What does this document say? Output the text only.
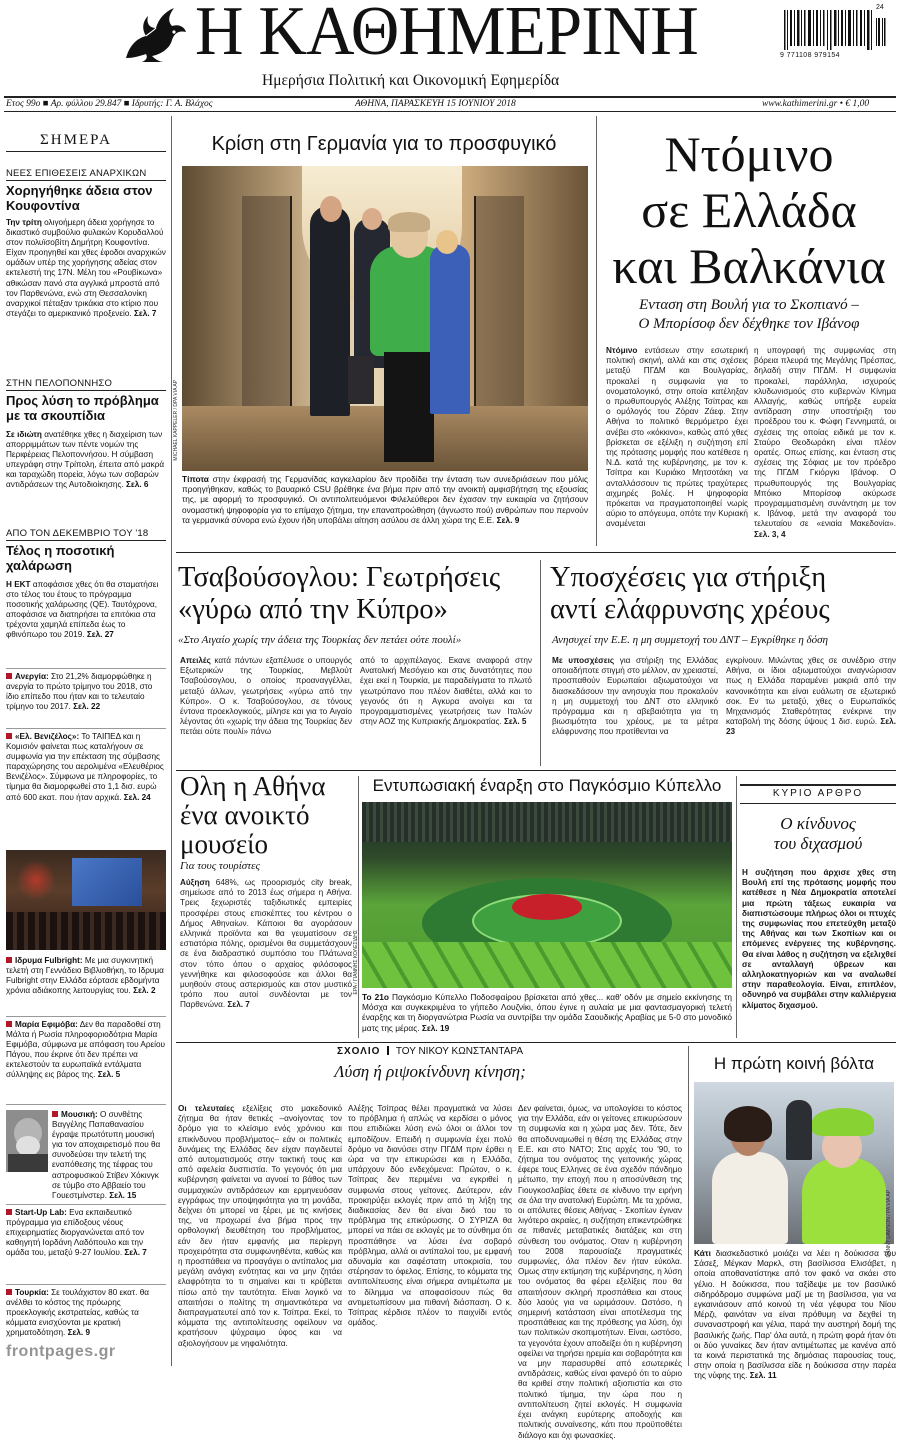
Η ΚΑΘΗΜΕΡΙΝΗ
Ημερήσια Πολιτική και Οικονομική Εφημερίδα
24
9 771108 979154
Ετος 99ο ■ Αρ. φύλλου 29.847 ■ Ιδρυτής: Γ. Α. Βλάχος	ΑΘΗΝΑ, ΠΑΡΑΣΚΕΥΗ 15 ΙΟΥΝΙΟΥ 2018	www.kathimerini.gr • € 1,00
ΣΗΜΕΡΑ
ΝΕΕΣ ΕΠΙΘΕΣΕΙΣ ΑΝΑΡΧΙΚΩΝ
Χορηγήθηκε άδεια στον Κουφοντίνα
Την τρίτη ολιγοήμερη άδεια χορήγησε το δικαστικό συμβούλιο φυλακών Κορυδαλλού στον πολυϊσοβίτη Δημήτρη Κουφοντίνα. Είχαν προηγηθεί και χθες έφοδοι αναρχικών ομάδων υπέρ της χορήγησης αδείας στον εκτελεστή της 17Ν. Μέλη του «Ρουβίκωνα» αθικώσαν πανό στα αγγλικά μπροστά από τον Παρθενώνα, ενώ στη Θεσσαλονίκη αναρχικοί πέταξαν τρικάκια στο κτίριο που στεγάζει το αμερικανικό προξενείο. Σελ. 7
ΣΤΗΝ ΠΕΛΟΠΟΝΝΗΣΟ
Προς λύση το πρόβλημα με τα σκουπίδια
Σε ιδιώτη ανατέθηκε χθες η διαχείριση των απορριμμάτων των πέντε νομών της Περιφέρειας Πελοποννήσου. Η σύμβαση υπεγράφη στην Τρίπολη, έπειτα από μακρά και ταραχώδη πορεία, λόγω των σοβαρών αντιδράσεων της Αυτοδιοίκησης. Σελ. 6
ΑΠΟ ΤΟΝ ΔΕΚΕΜΒΡΙΟ ΤΟΥ '18
Τέλος η ποσοτική χαλάρωση
Η ΕΚΤ αποφάσισε χθες ότι θα σταματήσει στο τέλος του έτους το πρόγραμμα ποσοτικής χαλάρωσης (QE). Ταυτόχρονα, αποφάσισε να διατηρήσει τα επιτόκια στα τρέχοντα χαμηλά επίπεδα έως το φθινόπωρο του 2019. Σελ. 27
Ανεργία: Στο 21,2% διαμορφώθηκε η ανεργία το πρώτο τρίμηνο του 2018, στο ίδιο επίπεδο που ήταν και το τελευταίο τρίμηνο του 2017. Σελ. 22
«Ελ. Βενιζέλος»: Το ΤΑΙΠΕΔ και η Κομισιόν φαίνεται πως καταλήγουν σε συμφωνία για την επέκταση της σύμβασης παραχώρησης του αερολιμένα «Ελευθέριος Βενιζέλος». Σύμφωνα με πληροφορίες, το τίμημα θα διαμορφωθεί στο 1,1 δισ. ευρώ από 600 εκατ. που ήταν αρχικά. Σελ. 24
Ιδρυμα Fulbright: Με μια συγκινητική τελετή στη Γεννάδειο Βιβλιοθήκη, το Ιδρυμα Fulbright στην Ελλάδα εόρτασε εβδομήντα χρόνια αδιάκοπης λειτουργίας του. Σελ. 2
Μαρία Εφιμόβα: Δεν θα παραδοθεί στη Μάλτα ή Ρωσία πληροφοριοδότρια Μαρία Εφιμόβα, σύμφωνα με απόφαση του Αρείου Πάγου, που έκρινε ότι δεν πρέπει να εκτελεστούν τα ευρωπαϊκά εντάλματα σύλληψης εις βάρος της. Σελ. 5
Μουσική: Ο συνθέτης Βαγγέλης Παπαθανασίου έγραψε πρωτότυπη μουσική για τον αποχαιρετισμό που θα συνοδεύσει την τελετή της εναπόθεσης της τέφρας του αστροφυσικού Στίβεν Χόκινγκ σε τύμβο στο Αββαείο του Γουεστμίνστερ. Σελ. 15
Start-Up Lab: Ενα εκπαιδευτικό πρόγραμμα για επίδοξους νέους επιχειρηματίες διοργανώνεται από τον καθηγητή Ιορδάνη Λαδόπουλο και την ομάδα του, μεταξύ 9-27 Ιουλίου. Σελ. 7
Τουρκία: Σε τουλάχιστον 80 εκατ. θα ανέλθει το κόστος της πρόωρης προεκλογικής εκστρατείας, καθώς τα κόμματα ενισχύονται με κρατική χρηματοδότηση. Σελ. 9
Κρίση στη Γερμανία για το προσφυγικό
MICHAEL KAPPELER / DPA VIA AP
Τίποτα στην έκφρασή της Γερμανίδας καγκελαρίου δεν προδίδει την ένταση των συνεδριάσεων που μόλις προηγήθηκαν, καθώς το βαυαρικό CSU βρέθηκε ένα βήμα πριν από την ανοικτή αμφισβήτηση της εξουσίας της, με αφορμή το προσφυγικό. Οι αντιπολιτευόμενοι Φιλελεύθεροι δεν έχασαν την ευκαιρία να ζητήσουν ονομαστική ψηφοφορία για το επίμαχο ζήτημα, την επαναπροώθηση (άγνωστο πού) ανθρώπων που περνούν τα γερμανικά σύνορα ενώ έχουν ήδη υποβάλει αίτηση ασύλου σε άλλη χώρα της Ε.Ε. Σελ. 9
Ντόμινο
σε Ελλάδα
και Βαλκάνια
Ενταση στη Βουλή για το Σκοπιανό –
Ο Μπορίσοφ δεν δέχθηκε τον Ιβάνοφ
Ντόμινο εντάσεων στην εσωτερική πολιτική σκηνή, αλλά και στις σχέσεις μεταξύ ΠΓΔΜ και Βουλγαρίας, προκαλεί η συμφωνία για το ονοματολογικό, στην οποία κατέληξαν ο πρωθυπουργός Αλέξης Τσίπρας και ο ομόλογός του Ζόραν Ζάεφ. Στην Αθήνα το πολιτικό θερμόμετρο έχει ανέβει στο «κόκκινο», καθώς από χθες βρίσκεται σε εξέλιξη η συζήτηση επί της πρότασης μομφής που κατέθεσε η Ν.Δ. κατά της κυβέρνησης, με τον κ. Τσίπρα και Κυριάκο Μητσοτάκη να ανταλλάσσουν τις πρώτες τραχύτερες αιχμηρές βολές. Η ψηφοφορία πρόκειται να πραγματοποιηθεί νωρίς αύριο το απόγευμα, οπότε την Κυριακή αναμένεται
η υπογραφή της συμφωνίας στη βόρεια πλευρά της Μεγάλης Πρέσπας, δηλαδή στην ΠΓΔΜ. Η συμφωνία προκαλεί, παράλληλα, ισχυρούς κλυδωνισμούς στο κυβερνών Κίνημα Αλλαγής, καθώς υπήρξε ευρεία αντίδραση στην υποστήριξη του προέδρου του κ. Φώφη Γεννηματά, οι σχέσεις της οποίας ειδικά με τον κ. Σταύρο Θεοδωράκη είναι πλέον ορατές. Οπως επίσης, και ένταση στις σχέσεις της Σόφιας με τον πρόεδρο της ΠΓΔΜ Γκιόργκι Ιβάνοφ. Ο πρωθυπουργός της Βουλγαρίας Μπόικο Μπορίσοφ ακύρωσε προγραμματισμένη συνάντηση με τον κ. Ιβάνοφ, μετά την αναφορά του τελευταίου σε «ενιαία Μακεδονία». Σελ. 3, 4
Τσαβούσογλου: Γεωτρήσεις
«γύρω από την Κύπρο»
«Στο Αιγαίο χωρίς την άδεια της Τουρκίας δεν πετάει ούτε πουλί»
Απειλές κατά πάντων εξαπέλυσε ο υπουργός Εξωτερικών της Τουρκίας, Μεβλούτ Τσαβούσογλου, ο οποίος προαναγγέλλει, μεταξύ άλλων, γεωτρήσεις «γύρω από την Κύπρο». Ο κ. Τσαβούσογλου, σε τόνους έντονα προεκλογικούς, μίλησε και για το Αιγαίο λέγοντας ότι «χωρίς την άδεια της Τουρκίας δεν πετάει ούτε πουλί» πάνω
από το αρχιπέλαγος. Εκανε αναφορά στην Ανατολική Μεσόγειο και στις δυνατότητες που έχει εκεί η Τουρκία, με παραδείγματα το πλωτό γεωτρύπανο που πλέον διαθέτει, αλλά και το γεγονός ότι η Αγκυρα ανοίγει και τα προγραμματισμένες γεωτρήσεις των Ιταλών στην ΑΟΖ της Κυπριακής Δημοκρατίας. Σελ. 5
Υποσχέσεις για στήριξη
αντί ελάφρυνσης χρέους
Ανησυχεί την Ε.Ε. η μη συμμετοχή του ΔΝΤ – Εγκρίθηκε η δόση
Με υποσχέσεις για στήριξη της Ελλάδας οποιαδήποτε στιγμή στο μέλλον, αν χρειαστεί, προσπαθούν Ευρωπαίοι αξιωματούχοι να διασκεδάσουν την ανησυχία που προκαλούν η μη συμμετοχή του ΔΝΤ στο ελληνικό πρόγραμμα και η αβεβαιότητα για τη βιωσιμότητα του χρέους, με τα μέτρα ελάφρυνσης που προτίθενται να
εγκρίνουν. Μιλώντας χθες σε συνέδριο στην Αθήνα, οι ίδιοι αξιωματούχοι αναγνώρισαν πως η Ελλάδα παραμένει μακριά από την κανονικότητα και είναι ευάλωτη σε εξωτερικό σοκ. Εν τω μεταξύ, χθες ο Ευρωπαϊκός Μηχανισμός Σταθερότητας ενέκρινε την καταβολή της δόσης ύψους 1 δισ. ευρώ. Σελ. 23
Ολη η Αθήνα
ένα ανοικτό
μουσείο
Για τους τουρίστες
Αύξηση 648%, ως προορισμός city break, σημείωσε από το 2013 έως σήμερα η Αθήνα. Τρεις ξεχωριστές ταξιδιωτικές εμπειρίες προσφέρει στους επισκέπτες του κέντρου ο Δήμος Αθηναίων. Κάποιοι θα αγοράσουν ελληνικά προϊόντα και θα γευματίσουν σε εστιατόρια πόλης, ορισμένοι θα συμμετάσχουν σε ένα διαδραστικό συμπόσιο του Πλάτωνα στον τόπο όπου ο αρχαίος φιλόσοφος γεννήθηκε και φιλοσοφούσε και άλλοι θα μυηθούν στους αστερισμούς και στον μυστικό τρόπο που αυτοί συνδέονται με τον Παρθενώνα. Σελ. 7
Εντυπωσιακή έναρξη στο Παγκόσμιο Κύπελλο
EPA / ΓΙΑΝΝΗΣ ΚΟΛΕΣΙΔΗΣ
Το 21ο Παγκόσμιο Κύπελλο Ποδοσφαίρου βρίσκεται από χθες... καθ' οδόν με σημείο εκκίνησης τη Μόσχα και συγκεκριμένα το γήπεδο Λουζνίκι, όπου έγινε η αυλαία με μια φαντασμαγορική τελετή έναρξης και τη διοργανώτρια Ρωσία να συντρίβει την ομάδα Σαουδικής Αραβίας με 5-0 στο μονοδικό ματς της μέρας. Σελ. 19
ΚΥΡΙΟ ΑΡΘΡΟ
Ο κίνδυνος
του διχασμού
Η συζήτηση που άρχισε χθες στη Βουλή επί της πρότασης μομφής που κατέθεσε η Νέα Δημοκρατία αποτελεί μια πρώτη τάξεως ευκαιρία να διαπιστώσουμε πλήρως όλοι οι πτυχές της συμφωνίας που επετεύχθη μεταξύ της Αθήνας και των Σκοπίων και οι επόμενες ενέργειες της κυβέρνησης. Θα είναι λάθος η συζήτηση να εξελιχθεί σε ανταλλαγή ύβρεων και αλληλοκατηγοριών και να αναλωθεί στην παραθεολογία. Είναι, επιπλέον, οδυνηρό να συμβάλει στην καλλιέργεια κλίματος διχασμού.
ΣΧΟΛΙΟ ΤΟΥ ΝΙΚΟΥ ΚΩΝΣΤΑΝΤΑΡΑ
Λύση ή ριψοκίνδυνη κίνηση;
Οι τελευταίες εξελίξεις στο μακεδονικό ζήτημα θα ήταν θετικές –ανοίγοντας τον δρόμο για το κλείσιμο ενός χρόνιου και επικίνδυνου προβλήματος– εάν οι πολιτικές δυνάμεις της Ελλάδας δεν είχαν παγιδευτεί από αυτοματισμούς στην τακτική τους και από αφελεία δυσπιστία. Το γεγονός ότι μια κυβέρνηση φαίνεται να αγνοεί το βάθος των συμμαχικών αντιδράσεων και ερμηνευόσαν εγγράφως την υποψηφιότητα για τη μονάδα, δείχνει ότι μπορεί να ξέρει, με τις κινήσεις της, να προχωρεί ένα βήμα προς την ορθολογική διευθέτηση του προβλήματος, εάν δεν ήταν εμφανής μια περίεργη προχειρότητα στα συμφωνηθέντα, καθώς και η προσπάθεια να προαγάγει ο αντίπαλος μια μεγάλη ανάγκη ενότητας και να μην ζητάει ελαφρότητα το τι σημαίνει και τι κρύβεται πίσω από την ταυτότητα. Είναι λογικό να απαιτήσει ο πολίτης τη σημαντικότερα να διαπραγματευτεί από τον κ. Τσίπρα. Εκεί, το κόμματα της αντιπολίτευσης οφείλουν να κρατήσουν ψύχραιμο ύφος και να αξιολογήσουν με νηφαλιότητα.
Αλέξης Τσίπρας θέλει πραγματικά να λύσει το πρόβλημα ή απλώς να κερδίσει ο μόνος που επιδιώκει λύση ενώ όλοι οι άλλοι τον εμποδίζουν. Επειδή η συμφωνία έχει πολύ δρόμο να διανύσει στην ΠΓΔΜ πριν έρθει η ώρα να την επικυρώσει και η Ελλάδα, υπάρχουν δύο ενδεχόμενα: Πρώτον, ο κ. Τσίπρας δεν περιμένει να εγκριθεί η συμφωνία στους γείτονες. Δεύτερον, εάν προκηρύξει εκλογές πριν από τη λήξη της διαδικασίας δεν θα είναι δικό του το πρόβλημα της επικύρωσης. Ο ΣΥΡΙΖΑ θα μπορεί να πάει σε εκλογές με το σύνθημα ότι προσπάθησε να λύσει ένα σοβαρό πρόβλημα, αλλά οι αντίπαλοί του, με εμφανή αδυναμία και σαφέστατη υποκρισία, του στέρησαν το όφελος. Επίσης, το κόμματα της αντιπολίτευσης είναι σήμερα αντιμέτωπα με το δίλημμα να αποφασίσουν πώς θα αντιμετωπίσουν μια πιθανή διάσπαση. Ο κ. Τσίπρας κέρδισε πλέον το παιχνίδι εντός ομάδος.
Δεν φαίνεται, όμως, να υπολογίσει το κόστος για την Ελλάδα, εάν οι γείτονες επικυρώσουν τη συμφωνία και η χώρα μας δεν. Τότε, δεν θα αποδυναμωθεί η θέση της Ελλάδας στην Ε.Ε. και στο ΝΑΤΟ; Στις αρχές του '90, το ζήτημα του ονόματος της γειτονικής χώρας έφερε τους Ελληνες σε ένα σχεδόν πάνδημο μέτωπο, την εποχή που η αποσύνθεση της Γιουγκοσλαβίας έθετε σε κίνδυνο την ειρήνη σε όλα την ανατολική Ευρώπη. Με τα χρόνια, οι απόλυτες θέσεις Αθήνας - Σκοπίων έγιναν λιγότερο ακραίες, η συζήτηση επικεντρώθηκε σε πιθανές μεταβατικές διατάξεις και στη σύνθεση του ονόματος. Οταν η κυβέρνηση του 2008 παρουσίαζε πραγματικές συμφωνίες, όλα πλέον δεν ήταν εύκολα. Ομως στην εκτίμηση της κυβέρνησης, η λύση του ονόματος θα φέρει εξελίξεις που θα απαιτήσουν σκληρή προσπάθεια και στους δύο λαούς για να ωριμάσουν. Ωστόσο, η σημερινή κατάσταση είναι αποτέλεσμα της προσπάθειας και της πρόθεσης για λύση, όχι των πολιτικών σκοπιμοτήτων. Είναι, ωστόσο, τα γεγονότα έχουν αποδείξει ότι η κυβέρνηση οφείλει να τηρήσει ηρεμία και σοβαρότητα και να μην παρασυρθεί από εσωτερικές αντιδράσεις, καθώς είναι φανερό ότι το αύριο θα κριθεί στην πολιτική αξιοπιστία και στο πολιτικό τίμημα, την ώρα που η αντιπολίτευση ζητεί εκλογές. Η συμφωνία έχει ανάγκη ευρύτερης αποδοχής και πολιτικής συναίνεσης, κάτι που προϋποθέτει διάλογο και όχι φωνασκίες.
Η πρώτη κοινή βόλτα
DANNY LAWSON / PA VIA AP
Κάτι διασκεδαστικό μοιάζει να λέει η δούκισσα του Σάσεξ, Μέγκαν Μαρκλ, στη βασίλισσα Ελισάβετ, η οποία αποθανατίστηκε από τον φακό να σκάει στο γέλιο. Η δούκισσα, που ταξίδεψε με τον βασιλικό σιδηρόδρομο συμφώνα μαζί με τη βασίλισσα, για να εγκαινιάσουν από κοινού τη νέα γέφυρα του Νίου Μέρζι, φαινόταν να είναι πρόθυμη να δεχθεί τη συναναστροφή και γέλια, παρά την αυστηρή δομή της βασιλικής ζωής. Παρ' όλα αυτά, η πρώτη φορά ήταν ότι οι δύο γυναίκες δεν ήταν αντιμέτωπες με κανένα από τα κοινά περιστατικά της δημόσιας παρουσίας τους, στην οποία η βασίλισσα είδε η δούκισσα στην παρέα της νύφης της. Σελ. 11
frontpages.gr
